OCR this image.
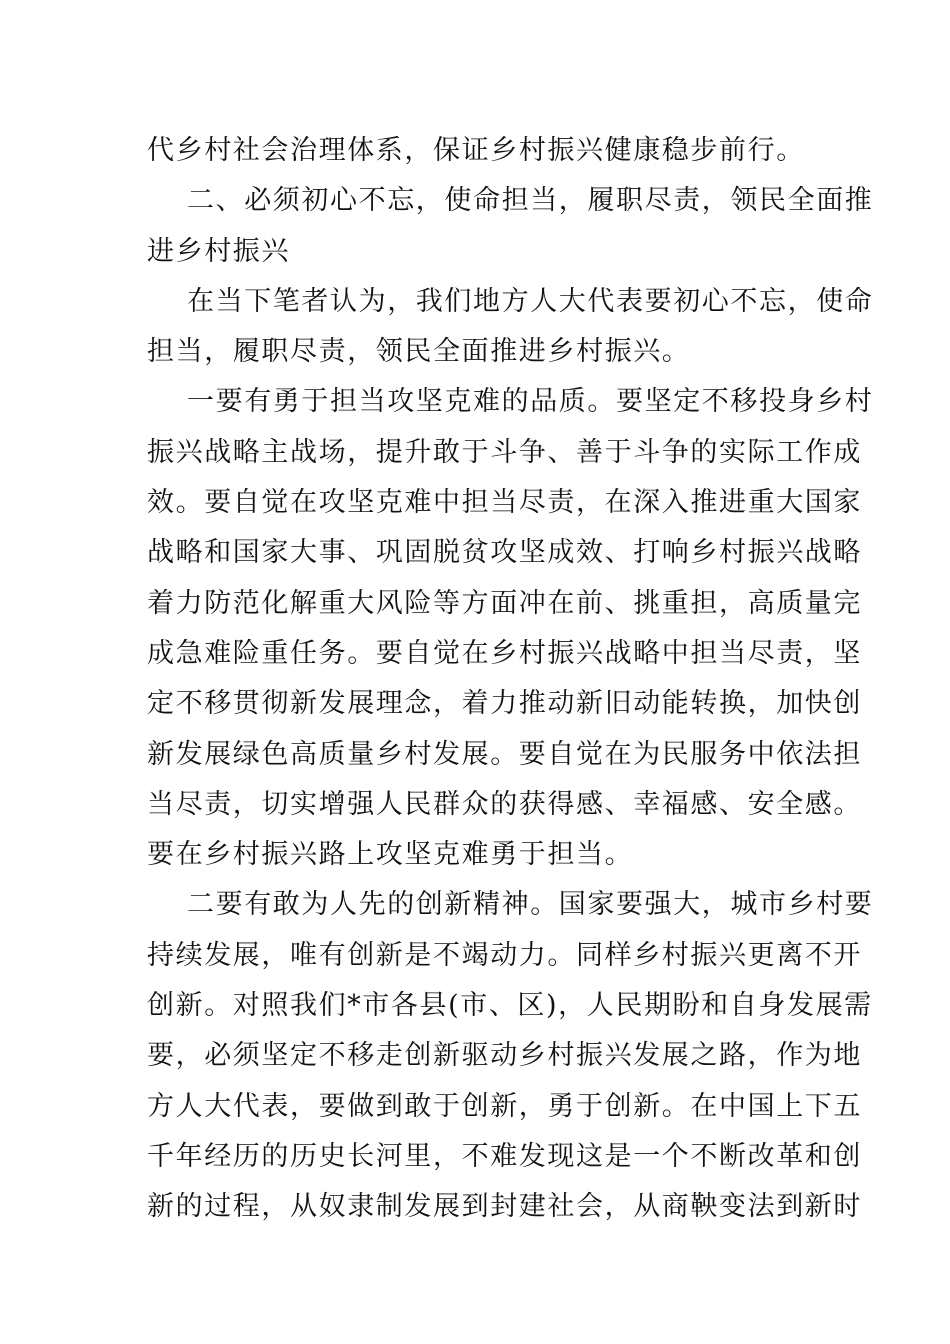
代乡村社会治理体系，保证乡村振兴健康稳步前行。
二、必须初心不忘，使命担当，履职尽责，领民全面推
进乡村振兴
在当下笔者认为，我们地方人大代表要初心不忘，使命
担当，履职尽责，领民全面推进乡村振兴。
一要有勇于担当攻坚克难的品质。要坚定不移投身乡村
振兴战略主战场，提升敢于斗争、善于斗争的实际工作成
效。要自觉在攻坚克难中担当尽责，在深入推进重大国家
战略和国家大事、巩固脱贫攻坚成效、打响乡村振兴战略
着力防范化解重大风险等方面冲在前、挑重担，高质量完
成急难险重任务。要自觉在乡村振兴战略中担当尽责，坚
定不移贯彻新发展理念，着力推动新旧动能转换，加快创
新发展绿色高质量乡村发展。要自觉在为民服务中依法担
当尽责，切实增强人民群众的获得感、幸福感、安全感。
要在乡村振兴路上攻坚克难勇于担当。
二要有敢为人先的创新精神。国家要强大，城市乡村要
持续发展，唯有创新是不竭动力。同样乡村振兴更离不开
创新。对照我们*市各县(市、区)，人民期盼和自身发展需
要，必须坚定不移走创新驱动乡村振兴发展之路，作为地
方人大代表，要做到敢于创新，勇于创新。在中国上下五
千年经历的历史长河里，不难发现这是一个不断改革和创
新的过程，从奴隶制发展到封建社会，从商鞅变法到新时
